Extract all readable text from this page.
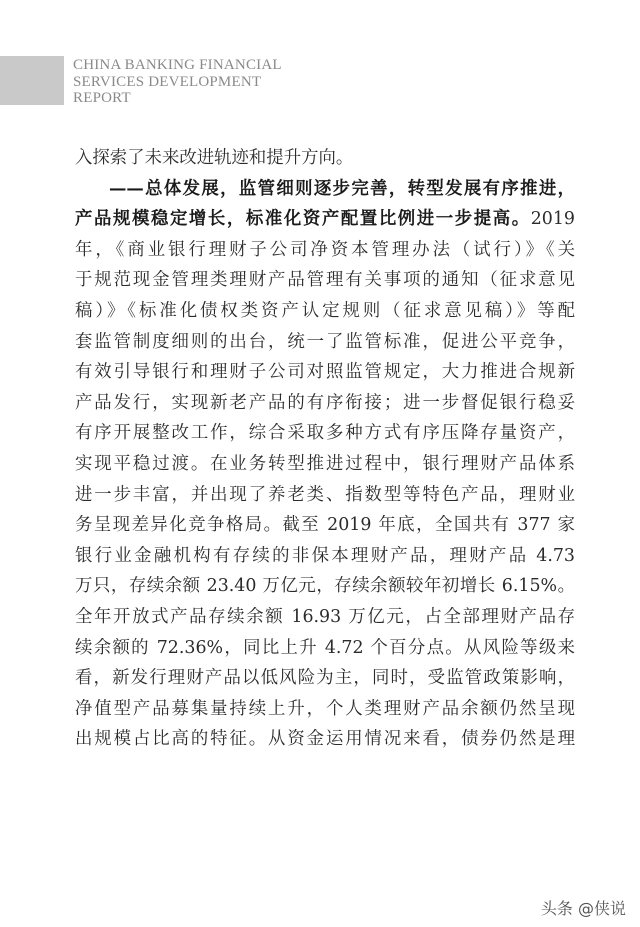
CHINA BANKING FINANCIAL
SERVICES DEVELOPMENT
REPORT
入探索了未来改进轨迹和提升方向。
——总体发展，监管细则逐步完善，转型发展有序推进，
产品规模稳定增长，标准化资产配置比例进一步提高。2019
年，《商业银行理财子公司净资本管理办法（试行）》《关
于规范现金管理类理财产品管理有关事项的通知（征求意见
稿）》《标准化债权类资产认定规则（征求意见稿）》等配
套监管制度细则的出台，统一了监管标准，促进公平竞争，
有效引导银行和理财子公司对照监管规定，大力推进合规新
产品发行，实现新老产品的有序衔接；进一步督促银行稳妥
有序开展整改工作，综合采取多种方式有序压降存量资产，
实现平稳过渡。在业务转型推进过程中，银行理财产品体系
进一步丰富，并出现了养老类、指数型等特色产品，理财业
务呈现差异化竞争格局。截至 2019 年底，全国共有 377 家
银行业金融机构有存续的非保本理财产品，理财产品 4.73
万只，存续余额 23.40 万亿元，存续余额较年初增长 6.15%。
全年开放式产品存续余额 16.93 万亿元，占全部理财产品存
续余额的 72.36%，同比上升 4.72 个百分点。从风险等级来
看，新发行理财产品以低风险为主，同时，受监管政策影响，
净值型产品募集量持续上升，个人类理财产品余额仍然呈现
出规模占比高的特征。从资金运用情况来看，债券仍然是理
头条 @侠说
